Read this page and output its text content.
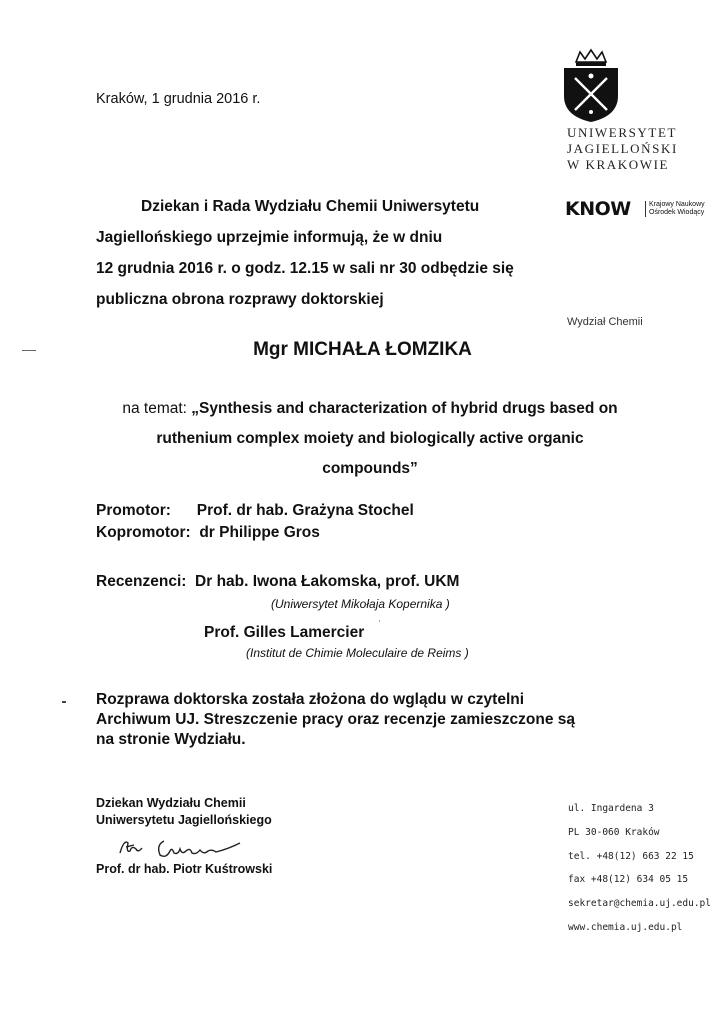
Kraków, 1 grudnia 2016 r.
UNIWERSYTET
JAGIELLOŃSKI
W KRAKOWIE
KNOW	Krajowy Naukowy
Ośrodek Wiodący
Dziekan i Rada Wydziału Chemii Uniwersytetu
Jagiellońskiego uprzejmie informują, że w dniu
12 grudnia 2016 r. o godz. 12.15 w sali nr 30 odbędzie się
publiczna obrona rozprawy doktorskiej
Wydział Chemii
Mgr MICHAŁA ŁOMZIKA
na temat: „Synthesis and characterization of hybrid drugs based on
ruthenium complex moiety and biologically active organic
compounds”
Promotor:      Prof. dr hab. Grażyna Stochel
Kopromotor:  dr Philippe Gros
Recenzenci:  Dr hab. Iwona Łakomska, prof. UKM
(Uniwersytet Mikołaja Kopernika )
Prof. Gilles Lamercier ˈ
(Institut de Chimie Moleculaire de Reims )
Rozprawa doktorska została złożona do wglądu w czytelni
Archiwum UJ. Streszczenie pracy oraz recenzje zamieszczone są
na stronie Wydziału.
Dziekan Wydziału Chemii
Uniwersytetu Jagiellońskiego
Prof. dr hab. Piotr Kuśtrowski
ul. Ingardena 3
PL 30-060 Kraków
tel. +48(12) 663 22 15
fax +48(12) 634 05 15
sekretar@chemia.uj.edu.pl
www.chemia.uj.edu.pl
